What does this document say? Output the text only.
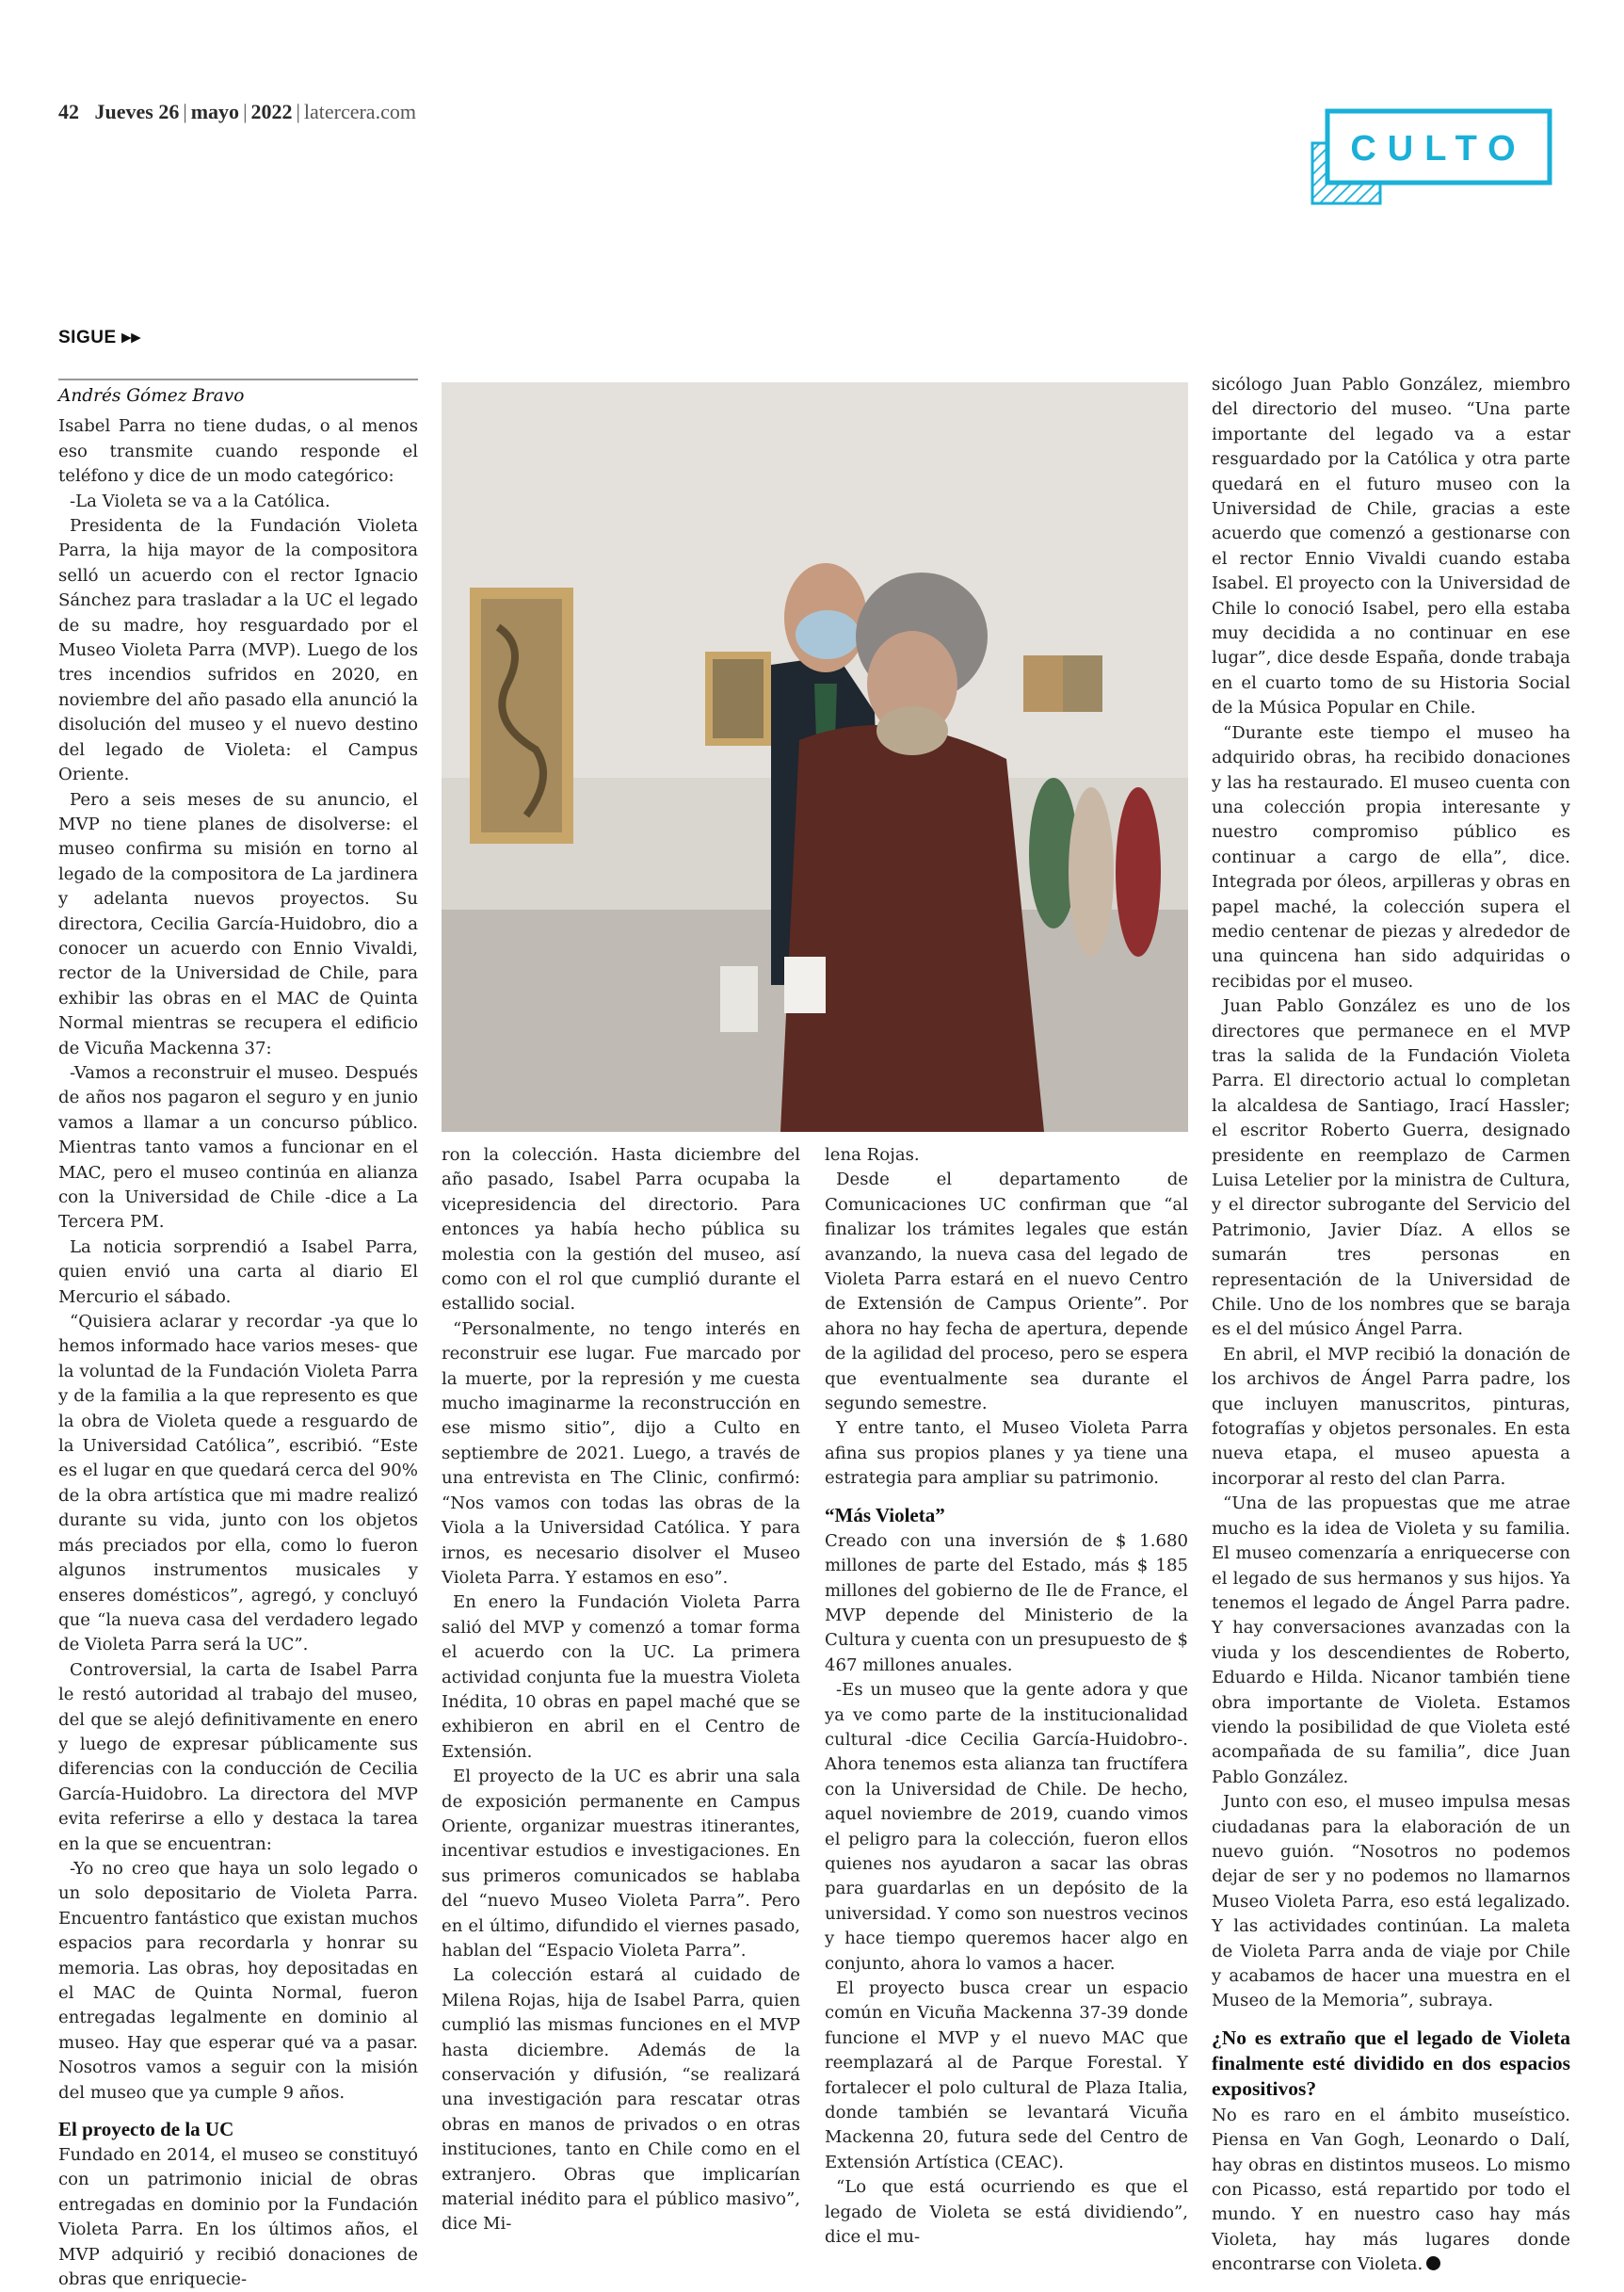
42 Jueves 26 | mayo | 2022 | latercera.com
CULTO
SIGUE ▸▸
Andrés Gómez Bravo

Isabel Parra no tiene dudas, o al menos eso transmite cuando responde el teléfono y dice de un modo categórico:

-La Violeta se va a la Católica.

Presidenta de la Fundación Violeta Parra, la hija mayor de la compositora selló un acuerdo con el rector Ignacio Sánchez para trasladar a la UC el legado de su madre, hoy resguardado por el Museo Violeta Parra (MVP). Luego de los tres incendios sufridos en 2020, en noviembre del año pasado ella anunció la disolución del museo y el nuevo destino del legado de Violeta: el Campus Oriente.

Pero a seis meses de su anuncio, el MVP no tiene planes de disolverse: el museo confirma su misión en torno al legado de la compositora de La jardinera y adelanta nuevos proyectos. Su directora, Cecilia García-Huidobro, dio a conocer un acuerdo con Ennio Vivaldi, rector de la Universidad de Chile, para exhibir las obras en el MAC de Quinta Normal mientras se recupera el edificio de Vicuña Mackenna 37:

-Vamos a reconstruir el museo. Después de años nos pagaron el seguro y en junio vamos a llamar a un concurso público. Mientras tanto vamos a funcionar en el MAC, pero el museo continúa en alianza con la Universidad de Chile -dice a La Tercera PM.

La noticia sorprendió a Isabel Parra, quien envió una carta al diario El Mercurio el sábado.

“Quisiera aclarar y recordar -ya que lo hemos informado hace varios meses- que la voluntad de la Fundación Violeta Parra y de la familia a la que represento es que la obra de Violeta quede a resguardo de la Universidad Católica”, escribió. “Este es el lugar en que quedará cerca del 90% de la obra artística que mi madre realizó durante su vida, junto con los objetos más preciados por ella, como lo fueron algunos instrumentos musicales y enseres domésticos”, agregó, y concluyó que “la nueva casa del verdadero legado de Violeta Parra será la UC”.

Controversial, la carta de Isabel Parra le restó autoridad al trabajo del museo, del que se alejó definitivamente en enero y luego de expresar públicamente sus diferencias con la conducción de Cecilia García-Huidobro. La directora del MVP evita referirse a ello y destaca la tarea en la que se encuentran:

-Yo no creo que haya un solo legado o un solo depositario de Violeta Parra. Encuentro fantástico que existan muchos espacios para recordarla y honrar su memoria. Las obras, hoy depositadas en el MAC de Quinta Normal, fueron entregadas legalmente en dominio al museo. Hay que esperar qué va a pasar. Nosotros vamos a seguir con la misión del museo que ya cumple 9 años.

El proyecto de la UC

Fundado en 2014, el museo se constituyó con un patrimonio inicial de obras entregadas en dominio por la Fundación Violeta Parra. En los últimos años, el MVP adquirió y recibió donaciones de obras que enriquecie-

ron la colección. Hasta diciembre del año pasado, Isabel Parra ocupaba la vicepresidencia del directorio. Para entonces ya había hecho pública su molestia con la gestión del museo, así como con el rol que cumplió durante el estallido social.

“Personalmente, no tengo interés en reconstruir ese lugar. Fue marcado por la muerte, por la represión y me cuesta mucho imaginarme la reconstrucción en ese mismo sitio”, dijo a Culto en septiembre de 2021. Luego, a través de una entrevista en The Clinic, confirmó: “Nos vamos con todas las obras de la Viola a la Universidad Católica. Y para irnos, es necesario disolver el Museo Violeta Parra. Y estamos en eso”.

En enero la Fundación Violeta Parra salió del MVP y comenzó a tomar forma el acuerdo con la UC. La primera actividad conjunta fue la muestra Violeta Inédita, 10 obras en papel maché que se exhibieron en abril en el Centro de Extensión.

El proyecto de la UC es abrir una sala de exposición permanente en Campus Oriente, organizar muestras itinerantes, incentivar estudios e investigaciones. En sus primeros comunicados se hablaba del “nuevo Museo Violeta Parra”. Pero en el último, difundido el viernes pasado, hablan del “Espacio Violeta Parra”.

La colección estará al cuidado de Milena Rojas, hija de Isabel Parra, quien cumplió las mismas funciones en el MVP hasta diciembre. Además de la conservación y difusión, “se realizará una investigación para rescatar otras obras en manos de privados o en otras instituciones, tanto en Chile como en el extranjero. Obras que implicarían material inédito para el público masivo”, dice Mi-

lena Rojas.

Desde el departamento de Comunicaciones UC confirman que “al finalizar los trámites legales que están avanzando, la nueva casa del legado de Violeta Parra estará en el nuevo Centro de Extensión de Campus Oriente”. Por ahora no hay fecha de apertura, depende de la agilidad del proceso, pero se espera que eventualmente sea durante el segundo semestre.

Y entre tanto, el Museo Violeta Parra afina sus propios planes y ya tiene una estrategia para ampliar su patrimonio.

“Más Violeta”

Creado con una inversión de $ 1.680 millones de parte del Estado, más $ 185 millones del gobierno de Ile de France, el MVP depende del Ministerio de la Cultura y cuenta con un presupuesto de $ 467 millones anuales.

-Es un museo que la gente adora y que ya ve como parte de la institucionalidad cultural -dice Cecilia García-Huidobro-. Ahora tenemos esta alianza tan fructífera con la Universidad de Chile. De hecho, aquel noviembre de 2019, cuando vimos el peligro para la colección, fueron ellos quienes nos ayudaron a sacar las obras para guardarlas en un depósito de la universidad. Y como son nuestros vecinos y hace tiempo queremos hacer algo en conjunto, ahora lo vamos a hacer.

El proyecto busca crear un espacio común en Vicuña Mackenna 37-39 donde funcione el MVP y el nuevo MAC que reemplazará al de Parque Forestal. Y fortalecer el polo cultural de Plaza Italia, donde también se levantará Vicuña Mackenna 20, futura sede del Centro de Extensión Artística (CEAC).

“Lo que está ocurriendo es que el legado de Violeta se está dividiendo”, dice el mu-

sicólogo Juan Pablo González, miembro del directorio del museo. “Una parte importante del legado va a estar resguardado por la Católica y otra parte quedará en el futuro museo con la Universidad de Chile, gracias a este acuerdo que comenzó a gestionarse con el rector Ennio Vivaldi cuando estaba Isabel. El proyecto con la Universidad de Chile lo conoció Isabel, pero ella estaba muy decidida a no continuar en ese lugar”, dice desde España, donde trabaja en el cuarto tomo de su Historia Social de la Música Popular en Chile.

“Durante este tiempo el museo ha adquirido obras, ha recibido donaciones y las ha restaurado. El museo cuenta con una colección propia interesante y nuestro compromiso público es continuar a cargo de ella”, dice. Integrada por óleos, arpilleras y obras en papel maché, la colección supera el medio centenar de piezas y alrededor de una quincena han sido adquiridas o recibidas por el museo.

Juan Pablo González es uno de los directores que permanece en el MVP tras la salida de la Fundación Violeta Parra. El directorio actual lo completan la alcaldesa de Santiago, Irací Hassler; el escritor Roberto Guerra, designado presidente en reemplazo de Carmen Luisa Letelier por la ministra de Cultura, y el director subrogante del Servicio del Patrimonio, Javier Díaz. A ellos se sumarán tres personas en representación de la Universidad de Chile. Uno de los nombres que se baraja es el del músico Ángel Parra.

En abril, el MVP recibió la donación de los archivos de Ángel Parra padre, los que incluyen manuscritos, pinturas, fotografías y objetos personales. En esta nueva etapa, el museo apuesta a incorporar al resto del clan Parra.

“Una de las propuestas que me atrae mucho es la idea de Violeta y su familia. El museo comenzaría a enriquecerse con el legado de sus hermanos y sus hijos. Ya tenemos el legado de Ángel Parra padre. Y hay conversaciones avanzadas con la viuda y los descendientes de Roberto, Eduardo e Hilda. Nicanor también tiene obra importante de Violeta. Estamos viendo la posibilidad de que Violeta esté acompañada de su familia”, dice Juan Pablo González.

Junto con eso, el museo impulsa mesas ciudadanas para la elaboración de un nuevo guión. “Nosotros no podemos dejar de ser y no podemos no llamarnos Museo Violeta Parra, eso está legalizado. Y las actividades continúan. La maleta de Violeta Parra anda de viaje por Chile y acabamos de hacer una muestra en el Museo de la Memoria”, subraya.

¿No es extraño que el legado de Violeta finalmente esté dividido en dos espacios expositivos?

No es raro en el ámbito museístico. Piensa en Van Gogh, Leonardo o Dalí, hay obras en distintos museos. Lo mismo con Picasso, está repartido por todo el mundo. Y en nuestro caso hay más Violeta, hay más lugares donde encontrarse con Violeta.
